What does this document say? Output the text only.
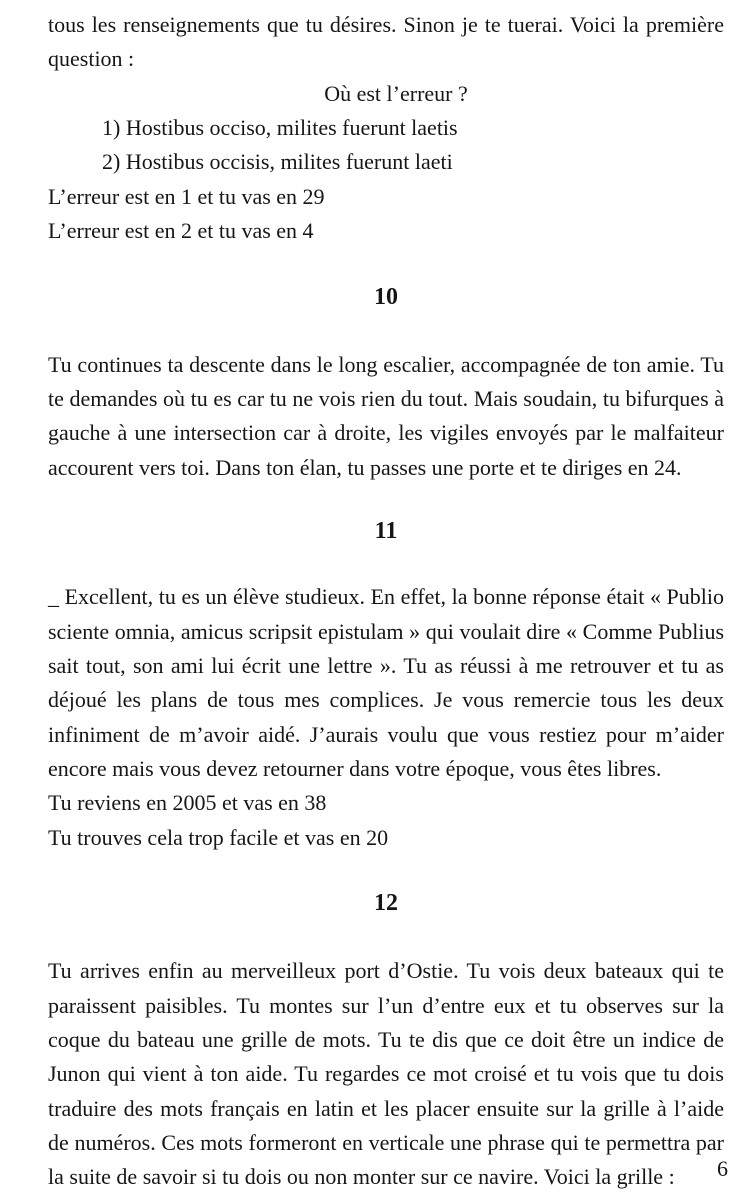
tous les renseignements que tu désires. Sinon je te tuerai. Voici la première question :

Où est l’erreur ?

1) Hostibus occiso, milites fuerunt laetis

2) Hostibus occisis, milites fuerunt laeti

L’erreur est en 1 et tu vas en 29

L’erreur est en 2 et tu vas en 4

10

Tu continues ta descente dans le long escalier, accompagnée de ton amie. Tu te demandes où tu es car tu ne vois rien du tout. Mais soudain, tu bifurques à gauche à une intersection car à droite, les vigiles envoyés par le malfaiteur accourent vers toi. Dans ton élan, tu passes une porte et te diriges en 24.

11

_ Excellent, tu es un élève studieux. En effet, la bonne réponse était « Publio sciente omnia, amicus scripsit epistulam » qui voulait dire « Comme Publius sait tout, son ami lui écrit une lettre ». Tu as réussi à me retrouver et tu as déjoué les plans de tous mes complices. Je vous remercie tous les deux infiniment de m’avoir aidé. J’aurais voulu que vous restiez pour m’aider encore mais vous devez retourner dans votre époque, vous êtes libres.

Tu reviens en 2005 et vas en 38

Tu trouves cela trop facile et vas en 20

12

Tu arrives enfin au merveilleux port d’Ostie. Tu vois deux bateaux qui te paraissent paisibles. Tu montes sur l’un d’entre eux et tu observes sur la coque du bateau une grille de mots. Tu te dis que ce doit être un indice de Junon qui vient à ton aide. Tu regardes ce mot croisé et tu vois que tu dois traduire des mots français en latin et les placer ensuite sur la grille à l’aide de numéros. Ces mots formeront en verticale une phrase qui te permettra par la suite de savoir si tu dois ou non monter sur ce navire. Voici la grille :	6
